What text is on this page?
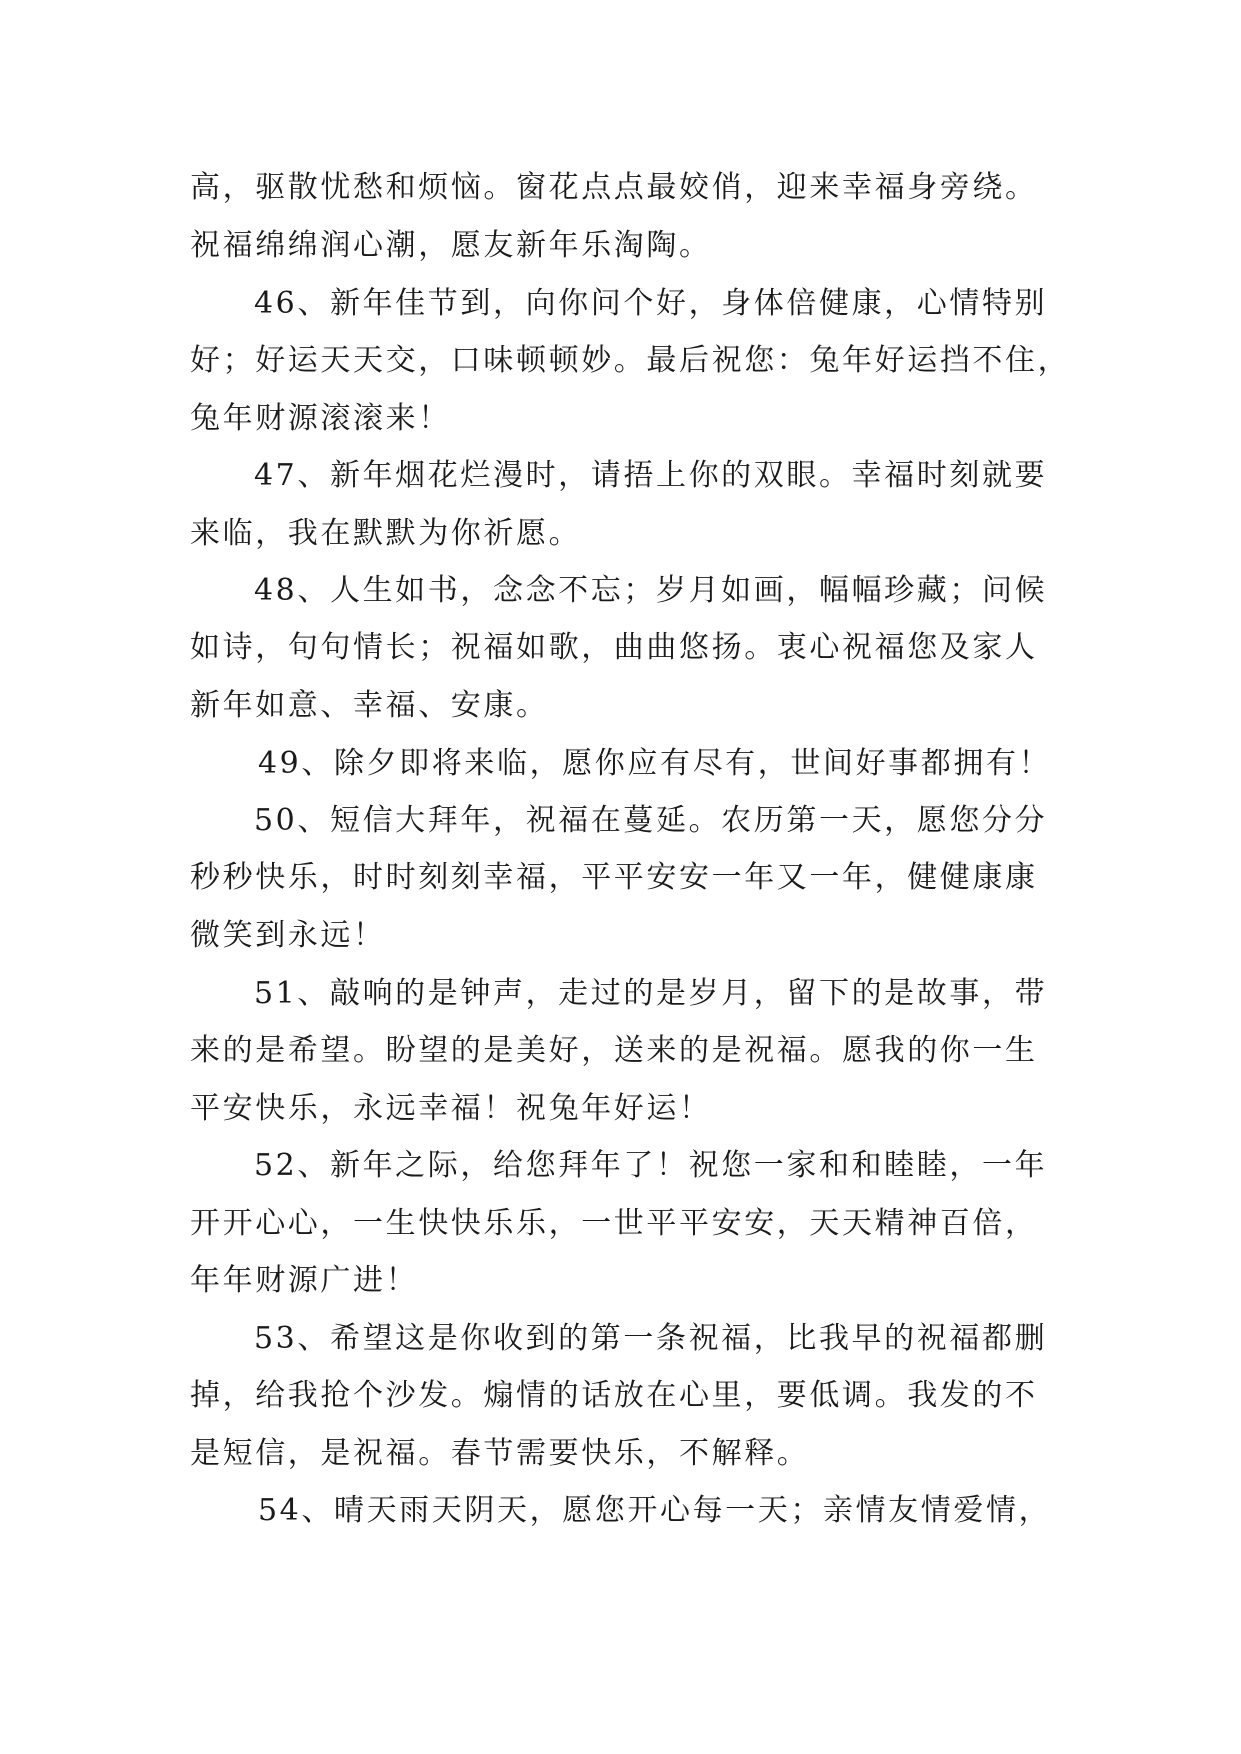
高，驱散忧愁和烦恼。窗花点点最姣俏，迎来幸福身旁绕。
祝福绵绵润心潮，愿友新年乐淘陶。
46、新年佳节到，向你问个好，身体倍健康，心情特别
好；好运天天交，口味顿顿妙。最后祝您：兔年好运挡不住，
兔年财源滚滚来！
47、新年烟花烂漫时，请捂上你的双眼。幸福时刻就要
来临，我在默默为你祈愿。
48、人生如书，念念不忘；岁月如画，幅幅珍藏；问候
如诗，句句情长；祝福如歌，曲曲悠扬。衷心祝福您及家人
新年如意、幸福、安康。
49、除夕即将来临，愿你应有尽有，世间好事都拥有！
50、短信大拜年，祝福在蔓延。农历第一天，愿您分分
秒秒快乐，时时刻刻幸福，平平安安一年又一年，健健康康
微笑到永远！
51、敲响的是钟声，走过的是岁月，留下的是故事，带
来的是希望。盼望的是美好，送来的是祝福。愿我的你一生
平安快乐，永远幸福！祝兔年好运！
52、新年之际，给您拜年了！祝您一家和和睦睦，一年
开开心心，一生快快乐乐，一世平平安安，天天精神百倍，
年年财源广进！
53、希望这是你收到的第一条祝福，比我早的祝福都删
掉，给我抢个沙发。煽情的话放在心里，要低调。我发的不
是短信，是祝福。春节需要快乐，不解释。
54、晴天雨天阴天，愿您开心每一天；亲情友情爱情，
